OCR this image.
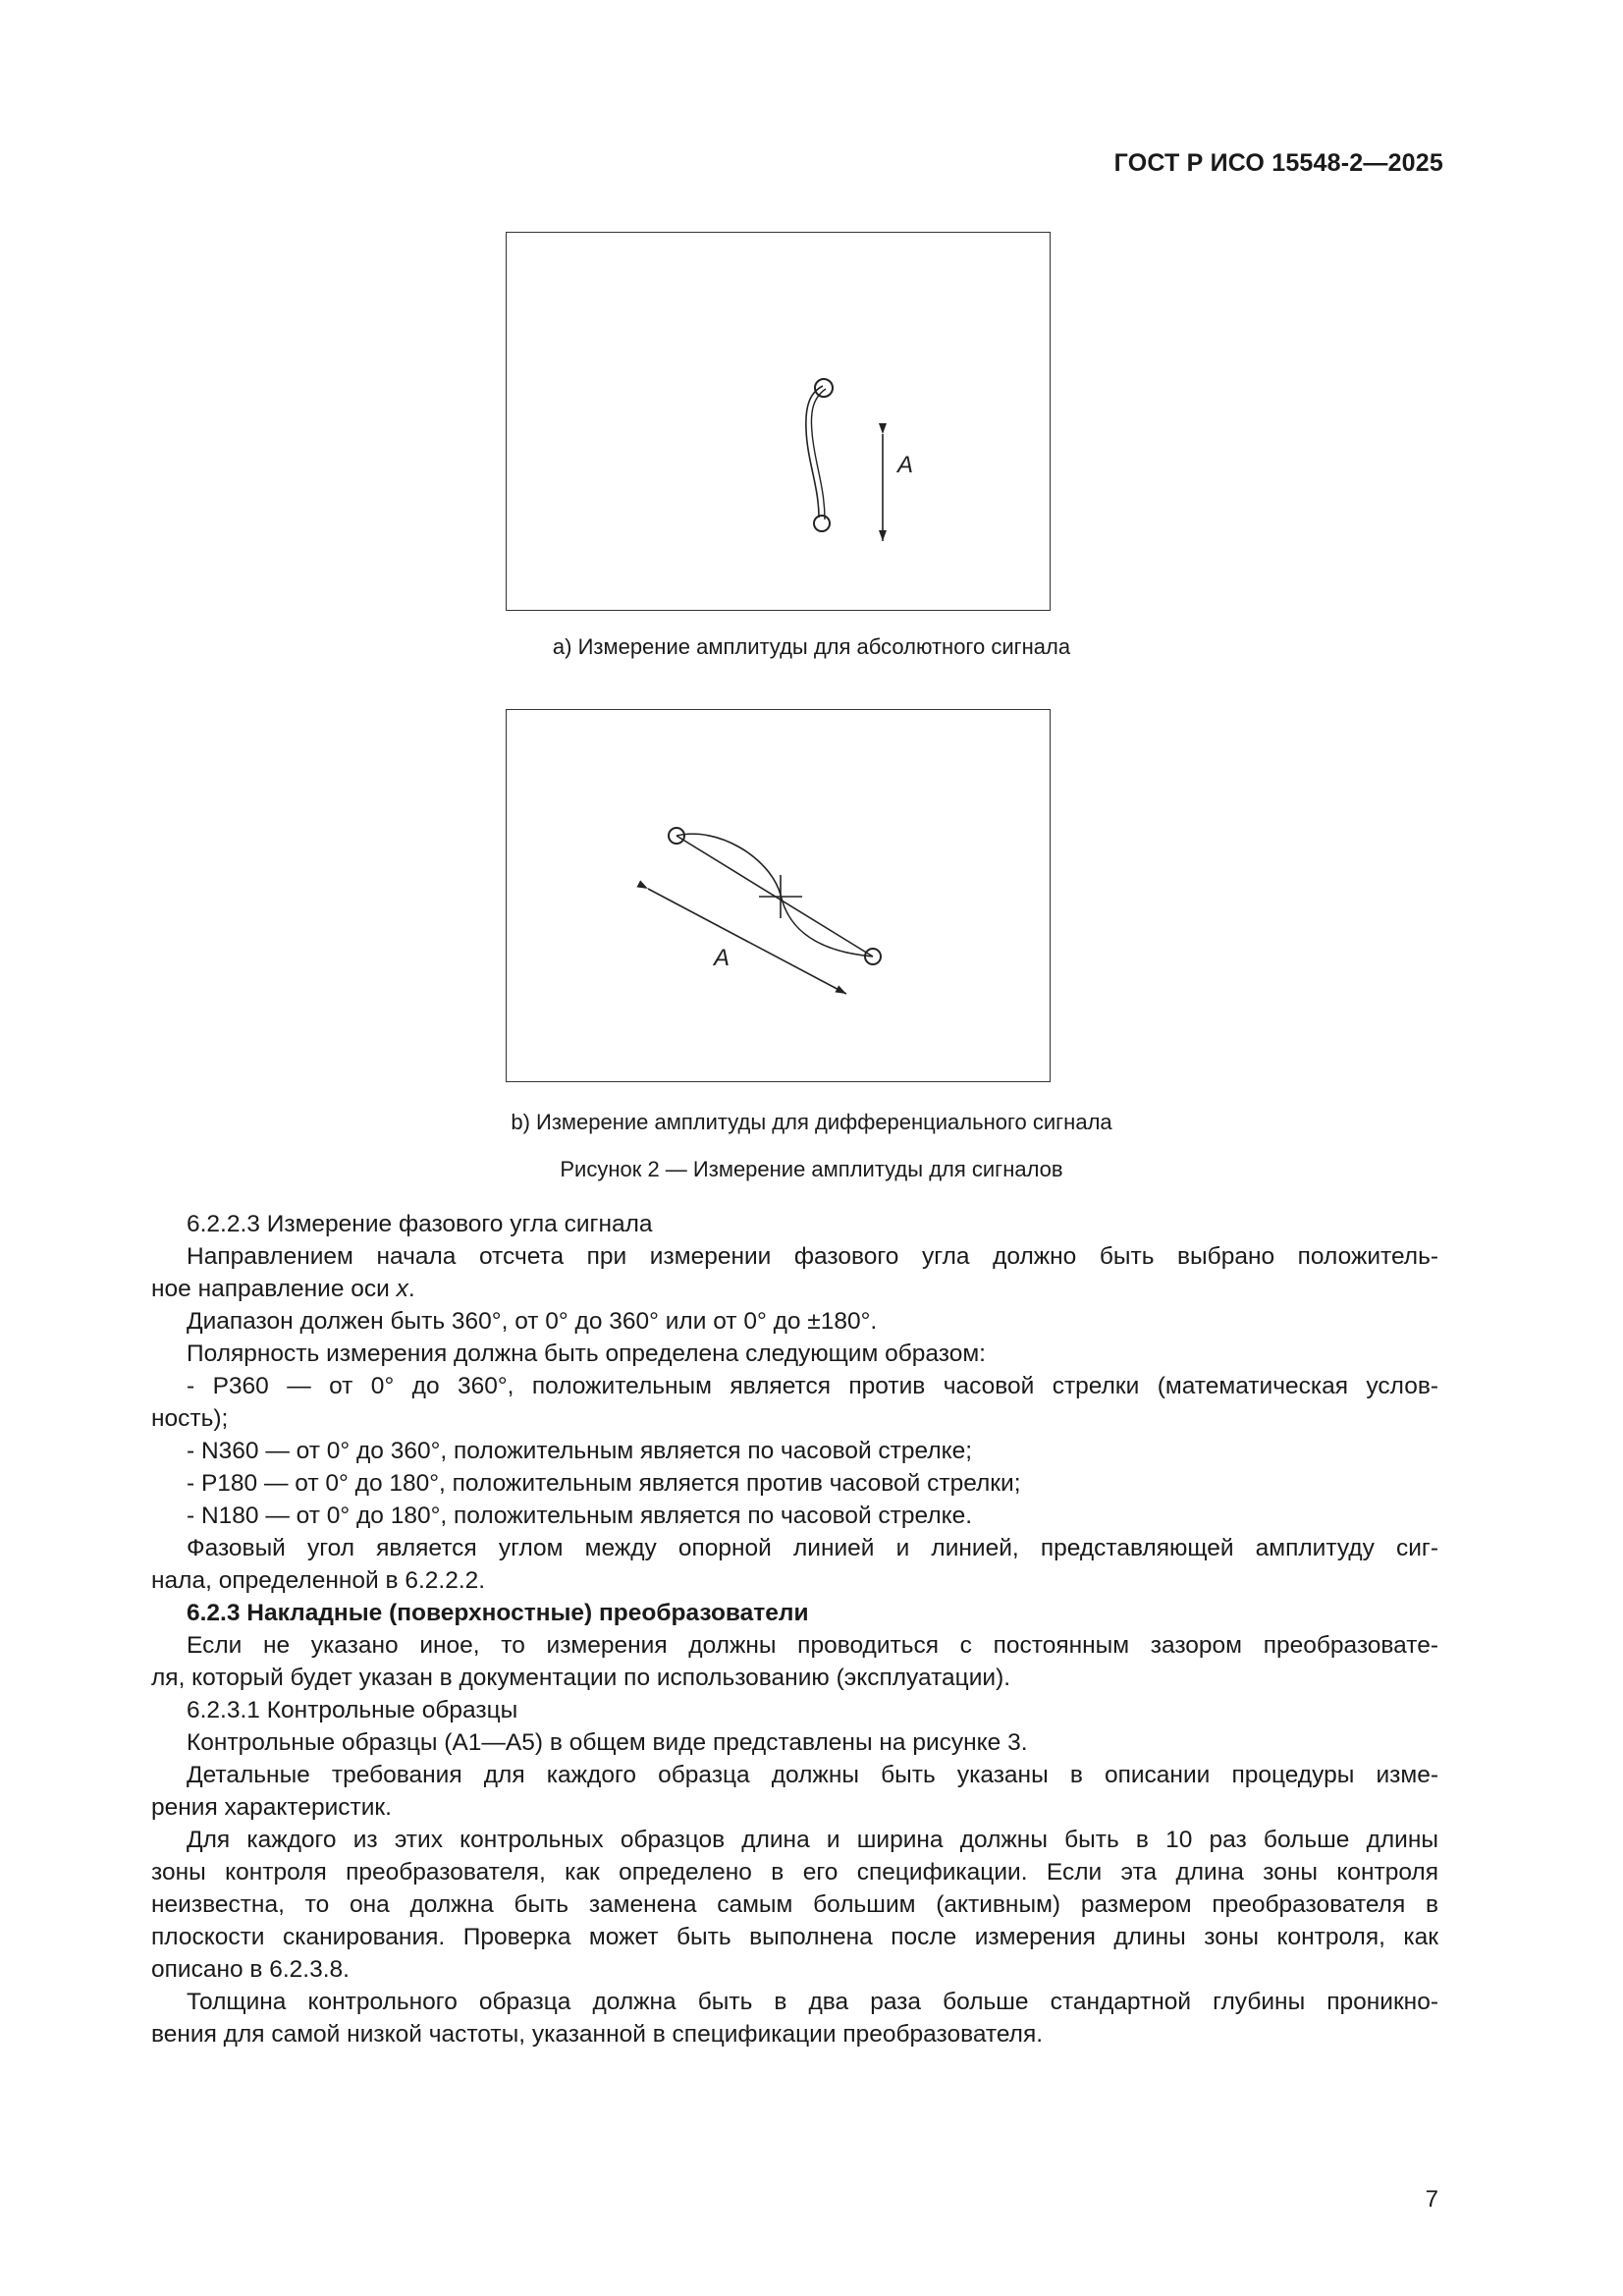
ГОСТ Р ИСО 15548-2—2025
A
a) Измерение амплитуды для абсолютного сигнала
A
b) Измерение амплитуды для дифференциального сигнала
Рисунок 2 — Измерение амплитуды для сигналов

6.2.2.3 Измерение фазового угла сигнала

Направлением начала отсчета при измерении фазового угла должно быть выбрано положитель-

ное направление оси x.

Диапазон должен быть 360°, от 0° до 360° или от 0° до ±180°.

Полярность измерения должна быть определена следующим образом:

- P360 — от 0° до 360°, положительным является против часовой стрелки (математическая услов-

ность);

- N360 — от 0° до 360°, положительным является по часовой стрелке;

- P180 — от 0° до 180°, положительным является против часовой стрелки;

- N180 — от 0° до 180°, положительным является по часовой стрелке.

Фазовый угол является углом между опорной линией и линией, представляющей амплитуду сиг-

нала, определенной в 6.2.2.2.

6.2.3 Накладные (поверхностные) преобразователи

Если не указано иное, то измерения должны проводиться с постоянным зазором преобразовате-

ля, который будет указан в документации по использованию (эксплуатации).

6.2.3.1 Контрольные образцы

Контрольные образцы (A1—A5) в общем виде представлены на рисунке 3.

Детальные требования для каждого образца должны быть указаны в описании процедуры изме-

рения характеристик.

Для каждого из этих контрольных образцов длина и ширина должны быть в 10 раз больше длины

зоны контроля преобразователя, как определено в его спецификации. Если эта длина зоны контроля

неизвестна, то она должна быть заменена самым большим (активным) размером преобразователя в

плоскости сканирования. Проверка может быть выполнена после измерения длины зоны контроля, как

описано в 6.2.3.8.

Толщина контрольного образца должна быть в два раза больше стандартной глубины проникно-

вения для самой низкой частоты, указанной в спецификации преобразователя.

7
